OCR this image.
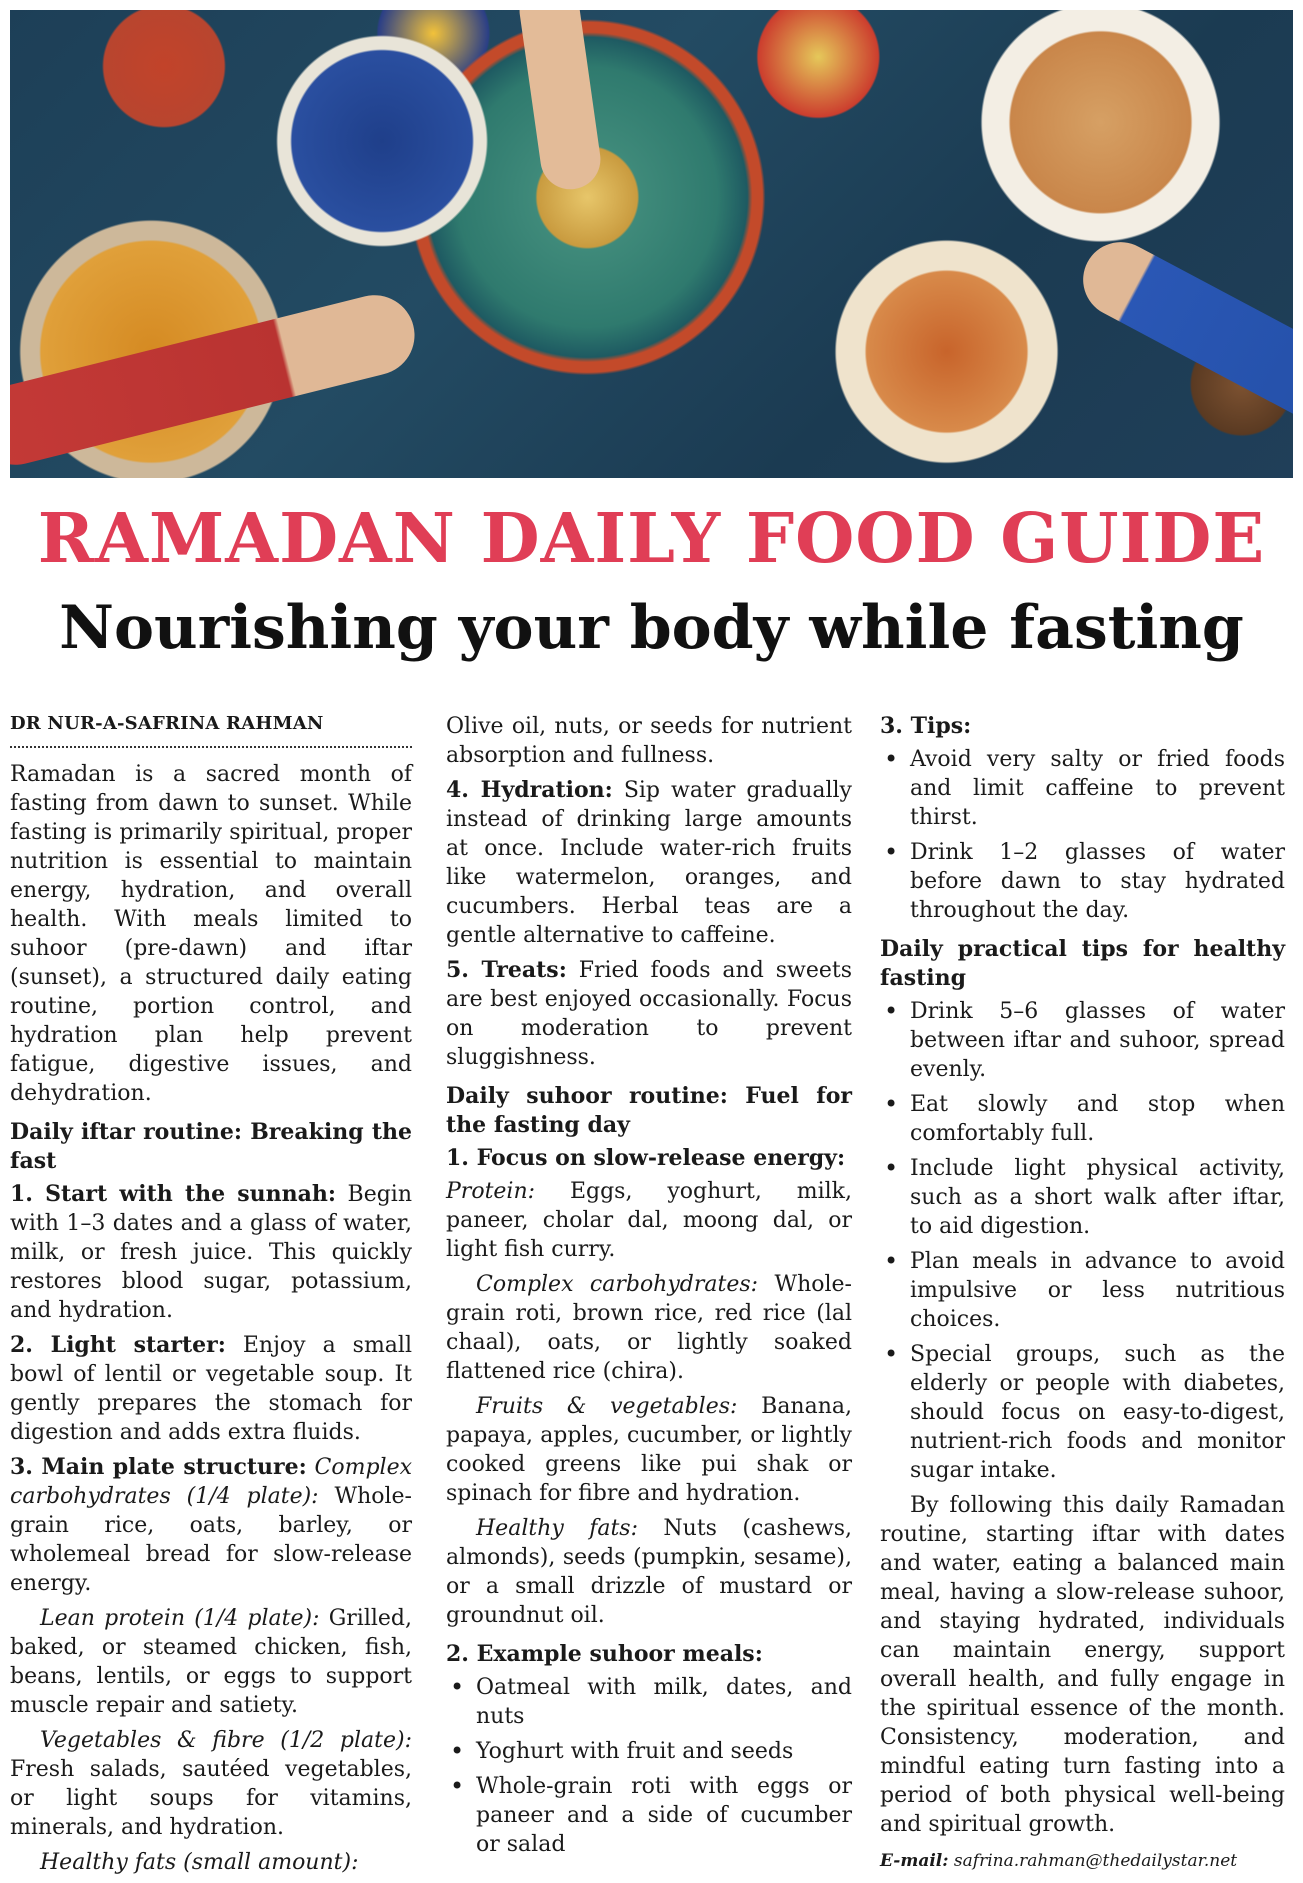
RAMADAN DAILY FOOD GUIDE
Nourishing your body while fasting
DR NUR-A-SAFRINA RAHMAN

Ramadan is a sacred month of fasting from dawn to sunset. While fasting is primarily spiritual, proper nutrition is essential to maintain energy, hydration, and overall health. With meals limited to suhoor (pre-dawn) and iftar (sunset), a structured daily eating routine, portion control, and hydration plan help prevent fatigue, digestive issues, and dehydration.

Daily iftar routine: Breaking the fast

1. Start with the sunnah: Begin with 1–3 dates and a glass of water, milk, or fresh juice. This quickly restores blood sugar, potassium, and hydration.

2. Light starter: Enjoy a small bowl of lentil or vegetable soup. It gently prepares the stomach for digestion and adds extra fluids.

3. Main plate structure: Complex carbohydrates (1/4 plate): Whole-grain rice, oats, barley, or wholemeal bread for slow-release energy.

Lean protein (1/4 plate): Grilled, baked, or steamed chicken, fish, beans, lentils, or eggs to support muscle repair and satiety.

Vegetables & fibre (1/2 plate): Fresh salads, sautéed vegetables, or light soups for vitamins, minerals, and hydration.

Healthy fats (small amount):

Olive oil, nuts, or seeds for nutrient absorption and fullness.

4. Hydration: Sip water gradually instead of drinking large amounts at once. Include water-rich fruits like watermelon, oranges, and cucumbers. Herbal teas are a gentle alternative to caffeine.

5. Treats: Fried foods and sweets are best enjoyed occasionally. Focus on moderation to prevent sluggishness.

Daily suhoor routine: Fuel for the fasting day
1. Focus on slow-release energy:

Protein: Eggs, yoghurt, milk, paneer, cholar dal, moong dal, or light fish curry.

Complex carbohydrates: Whole-grain roti, brown rice, red rice (lal chaal), oats, or lightly soaked flattened rice (chira).

Fruits & vegetables: Banana, papaya, apples, cucumber, or lightly cooked greens like pui shak or spinach for fibre and hydration.

Healthy fats: Nuts (cashews, almonds), seeds (pumpkin, sesame), or a small drizzle of mustard or groundnut oil.

2. Example suhoor meals:
• Oatmeal with milk, dates, and nuts
• Yoghurt with fruit and seeds
• Whole-grain roti with eggs or paneer and a side of cucumber or salad
3. Tips:
• Avoid very salty or fried foods and limit caffeine to prevent thirst.
• Drink 1–2 glasses of water before dawn to stay hydrated throughout the day.
Daily practical tips for healthy fasting
• Drink 5–6 glasses of water between iftar and suhoor, spread evenly.
• Eat slowly and stop when comfortably full.
• Include light physical activity, such as a short walk after iftar, to aid digestion.
• Plan meals in advance to avoid impulsive or less nutritious choices.
• Special groups, such as the elderly or people with diabetes, should focus on easy-to-digest, nutrient-rich foods and monitor sugar intake.

By following this daily Ramadan routine, starting iftar with dates and water, eating a balanced main meal, having a slow-release suhoor, and staying hydrated, individuals can maintain energy, support overall health, and fully engage in the spiritual essence of the month. Consistency, moderation, and mindful eating turn fasting into a period of both physical well-being and spiritual growth.

E-mail: safrina.rahman@thedailystar.net
